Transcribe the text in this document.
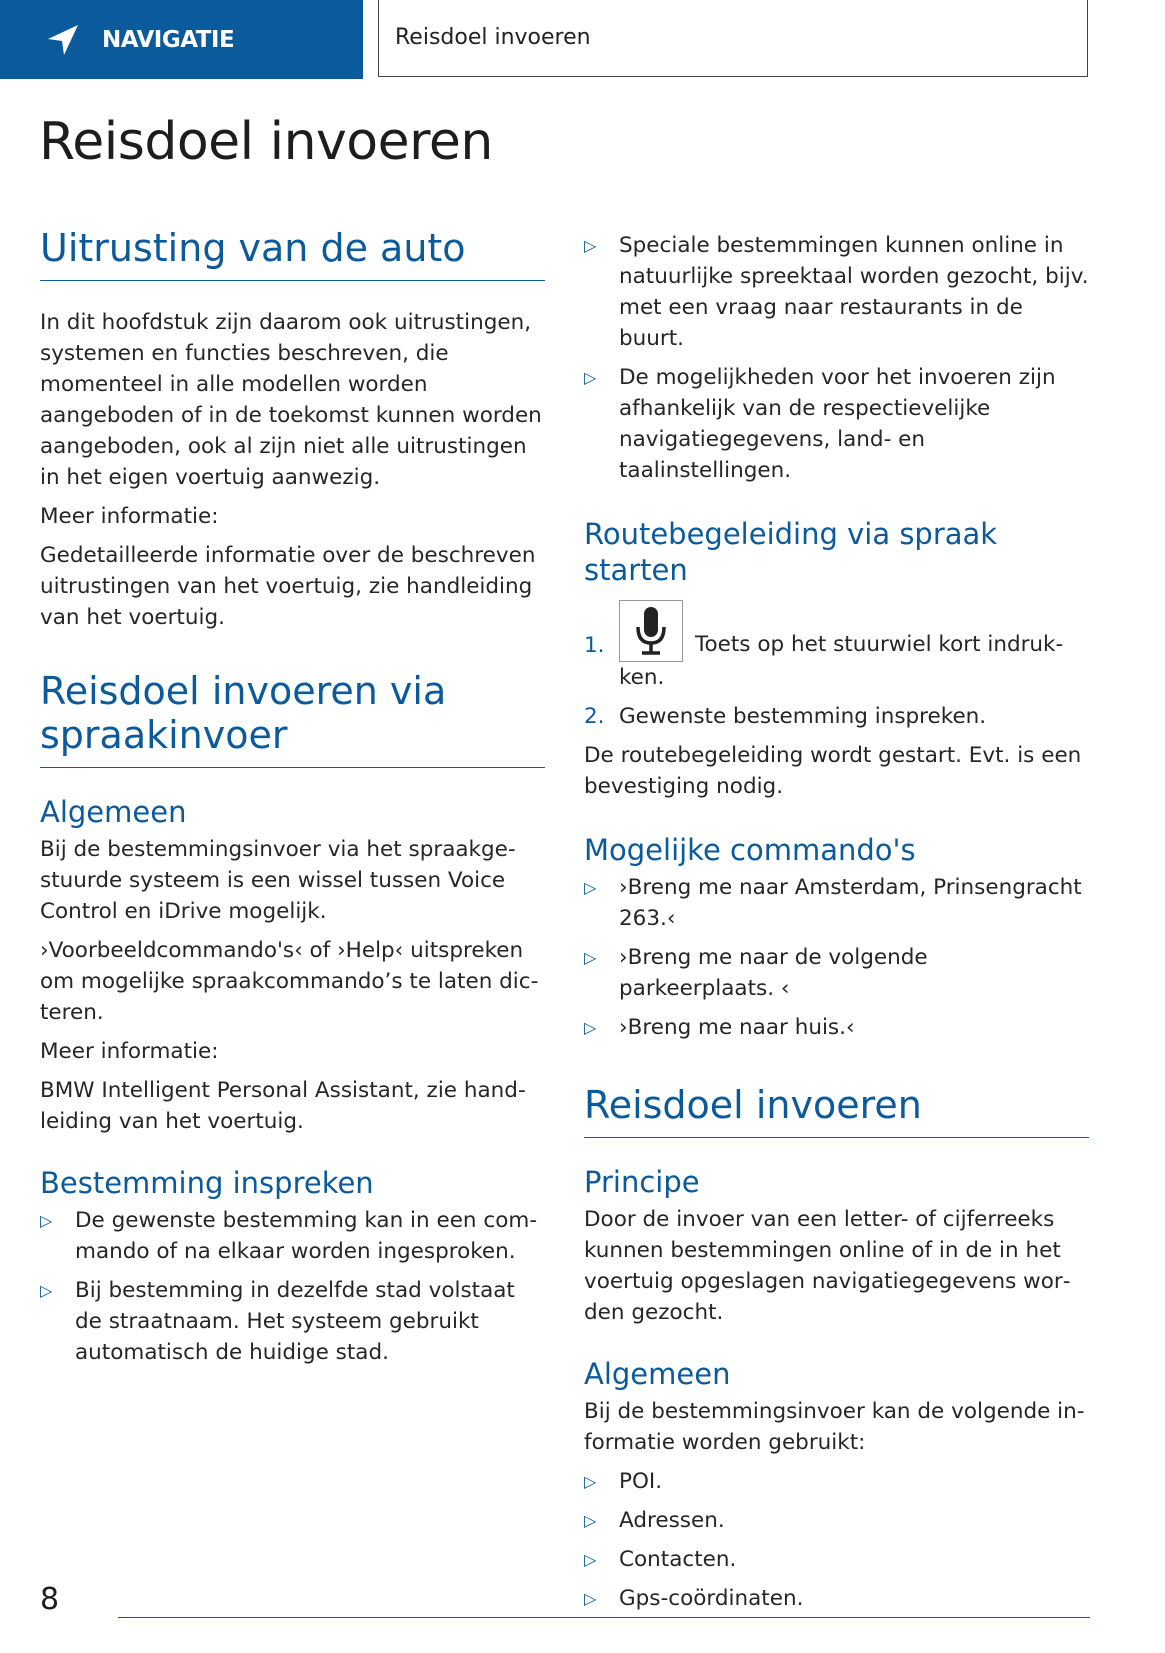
NAVIGATIE	Reisdoel invoeren
Reisdoel invoeren
Uitrusting van de auto

In dit hoofdstuk zijn daarom ook uitrustingen, systemen en functies beschreven, die momenteel in alle modellen worden aangeboden of in de toekomst kunnen worden aangeboden, ook al zijn niet alle uitrustingen in het eigen voertuig aanwezig.

Meer informatie:

Gedetailleerde informatie over de beschreven uitrustingen van het voertuig, zie handleiding van het voertuig.

Reisdoel invoeren via spraakinvoer
Algemeen

Bij de bestemmingsinvoer via het spraakgestuurde systeem is een wissel tussen Voice Control en iDrive mogelijk.

›Voorbeeldcommando's‹ of ›Help‹ uitspreken om mogelijke spraakcommando’s te laten dicteren.

Meer informatie:

BMW Intelligent Personal Assistant, zie handleiding van het voertuig.

Bestemming inspreken
▷ De gewenste bestemming kan in een commando of na elkaar worden ingesproken.
▷ Bij bestemming in dezelfde stad volstaat de straatnaam. Het systeem gebruikt automatisch de huidige stad.
▷ Speciale bestemmingen kunnen online in natuurlijke spreektaal worden gezocht, bijv. met een vraag naar restaurants in de buurt.
▷ De mogelijkheden voor het invoeren zijn afhankelijk van de respectievelijke navigatiegegevens, land- en taalinstellingen.
Routebegeleiding via spraak starten
1.	Toets op het stuurwiel kort indrukken.
2. Gewenste bestemming inspreken.

De routebegeleiding wordt gestart. Evt. is een bevestiging nodig.

Mogelijke commando's
▷ ›Breng me naar Amsterdam, Prinsengracht 263.‹
▷ ›Breng me naar de volgende parkeerplaats. ‹
▷ ›Breng me naar huis.‹
Reisdoel invoeren
Principe

Door de invoer van een letter- of cijferreeks kunnen bestemmingen online of in de in het voertuig opgeslagen navigatiegegevens worden gezocht.

Algemeen

Bij de bestemmingsinvoer kan de volgende informatie worden gebruikt:

▷ POI.
▷ Adressen.
▷ Contacten.
▷ Gps-coördinaten.
8
